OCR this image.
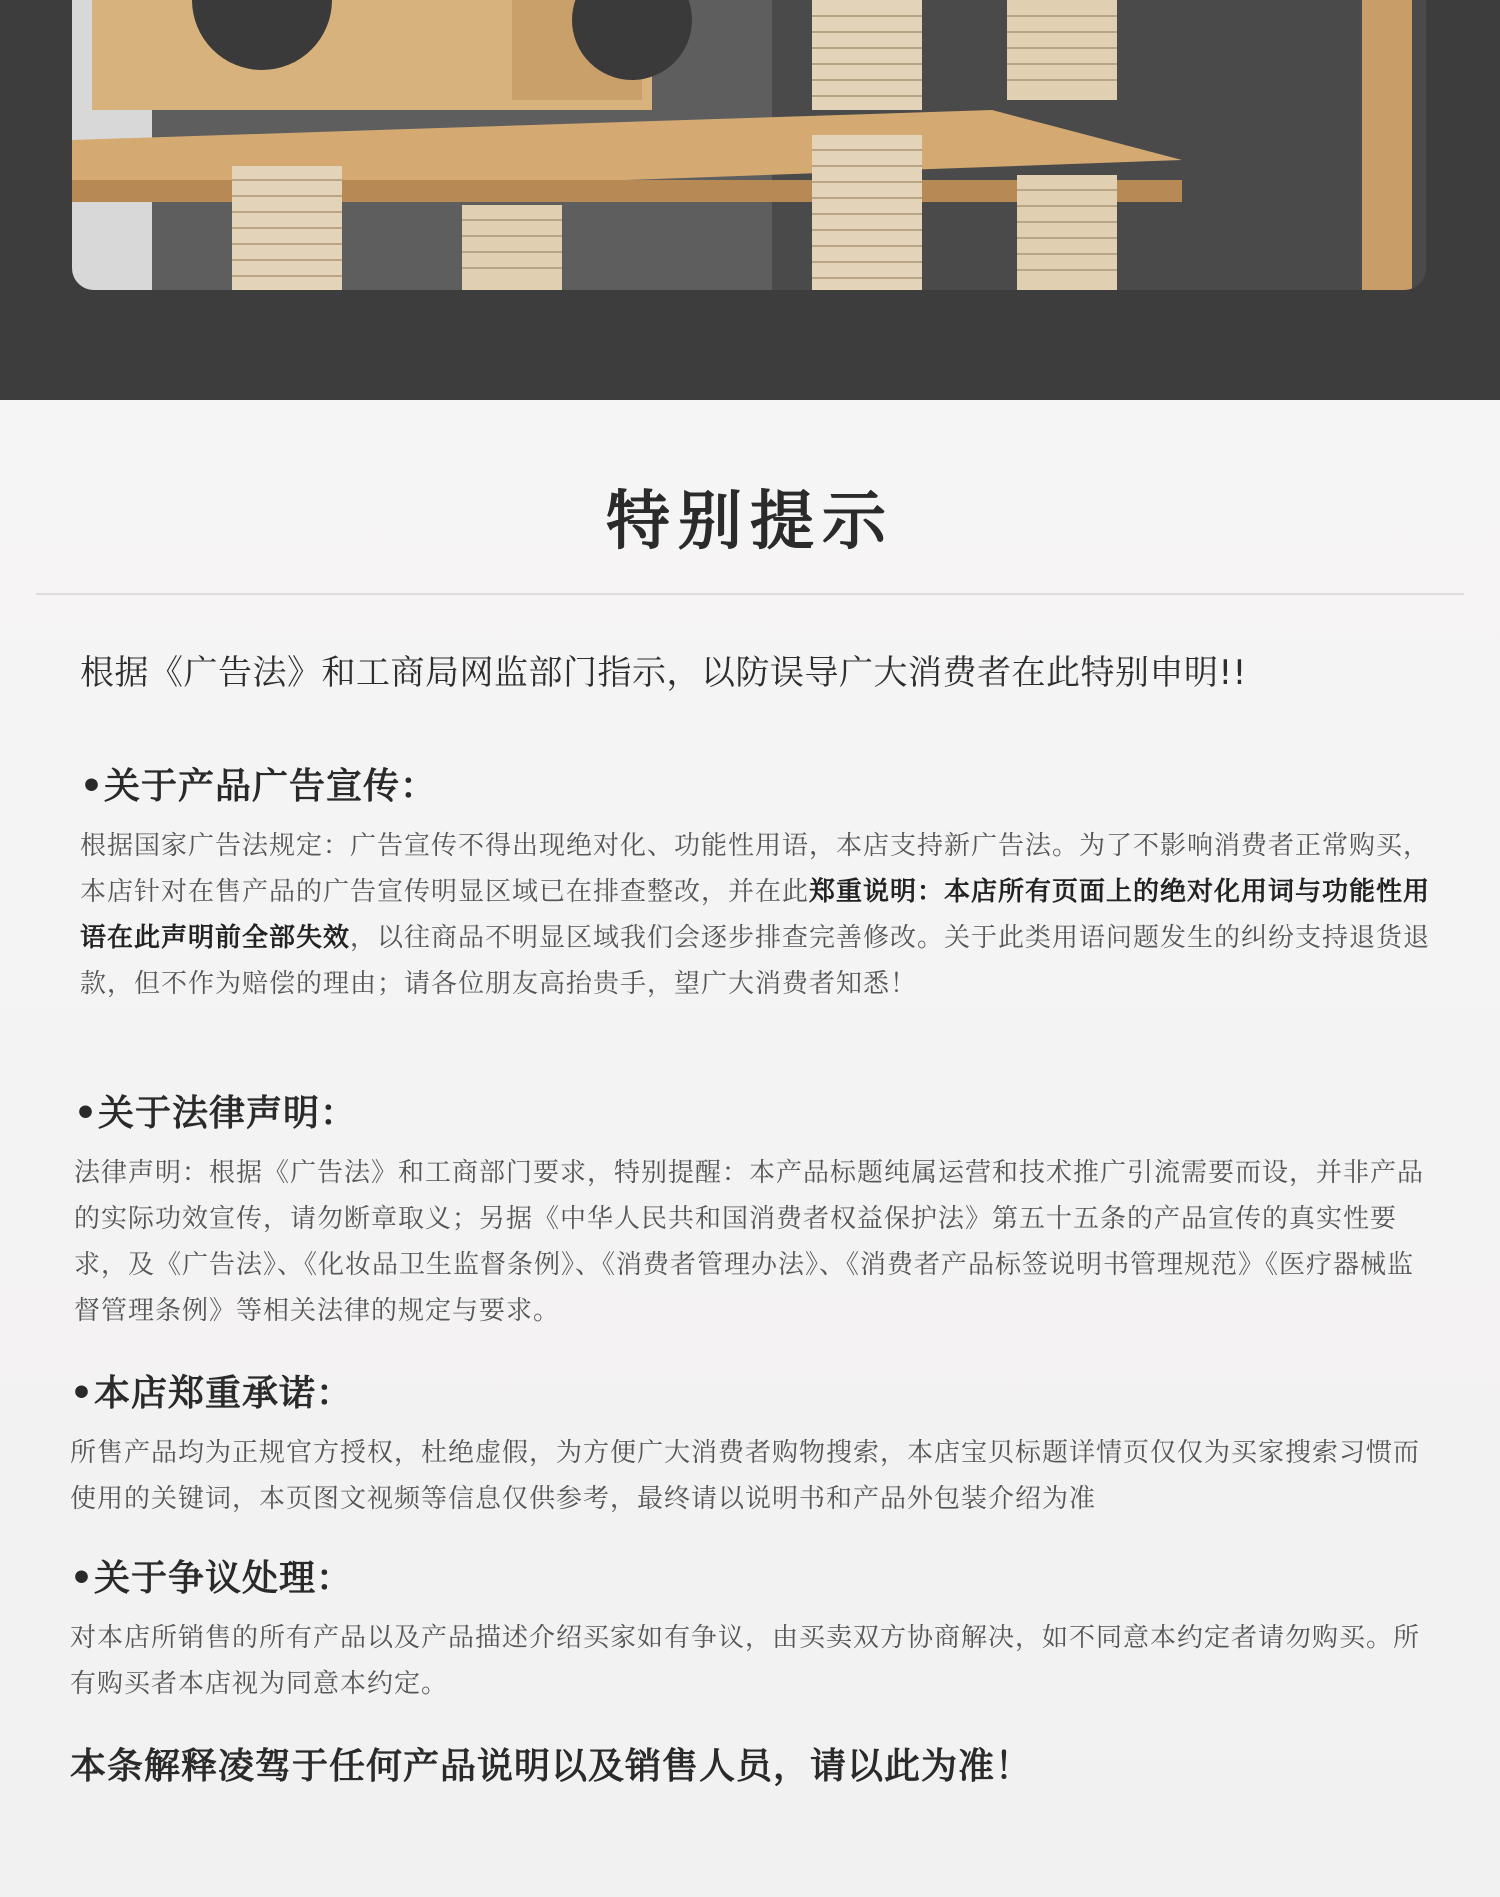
特别提示
根据《广告法》和工商局网监部门指示，以防误导广大消费者在此特别申明!!
•关于产品广告宣传：
根据国家广告法规定：广告宣传不得出现绝对化、功能性用语，本店支持新广告法。为了不影响消费者正常购买，本店针对在售产品的广告宣传明显区域已在排查整改，并在此郑重说明：本店所有页面上的绝对化用词与功能性用语在此声明前全部失效，以往商品不明显区域我们会逐步排查完善修改。关于此类用语问题发生的纠纷支持退货退款，但不作为赔偿的理由；请各位朋友高抬贵手，望广大消费者知悉！
•关于法律声明：
法律声明：根据《广告法》和工商部门要求，特别提醒：本产品标题纯属运营和技术推广引流需要而设，并非产品的实际功效宣传，请勿断章取义；另据《中华人民共和国消费者权益保护法》第五十五条的产品宣传的真实性要求，及《广告法》、《化妆品卫生监督条例》、《消费者管理办法》、《消费者产品标签说明书管理规范》《医疗器械监督管理条例》等相关法律的规定与要求。
•本店郑重承诺：
所售产品均为正规官方授权，杜绝虚假，为方便广大消费者购物搜索，本店宝贝标题详情页仅仅为买家搜索习惯而使用的关键词，本页图文视频等信息仅供参考，最终请以说明书和产品外包装介绍为准
•关于争议处理：
对本店所销售的所有产品以及产品描述介绍买家如有争议，由买卖双方协商解决，如不同意本约定者请勿购买。所有购买者本店视为同意本约定。
本条解释凌驾于任何产品说明以及销售人员，请以此为准！
